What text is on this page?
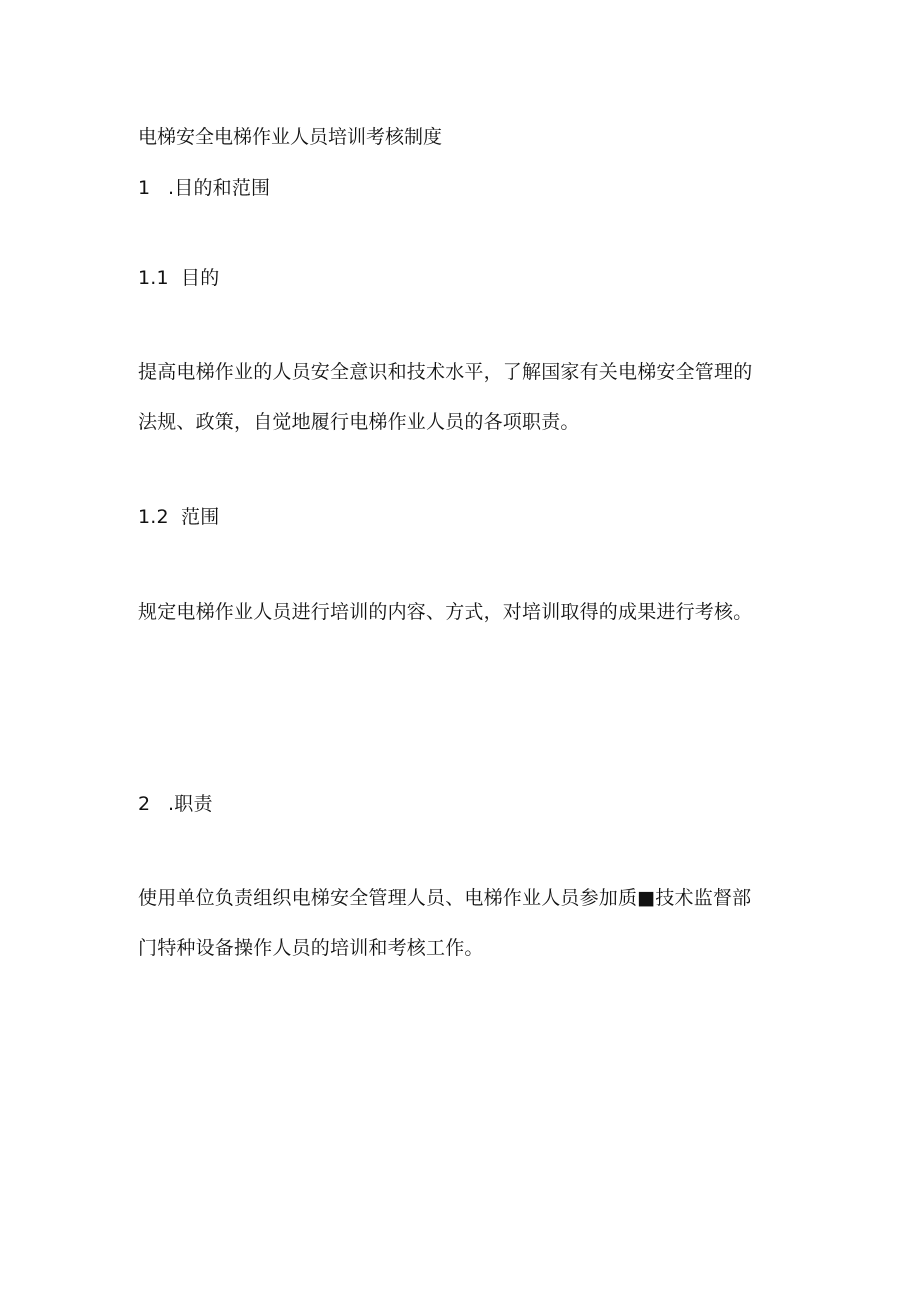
电梯安全电梯作业人员培训考核制度
1 .目的和范围
1.1 目的
提高电梯作业的人员安全意识和技术水平，了解国家有关电梯安全管理的
法规、政策，自觉地履行电梯作业人员的各项职责。
1.2 范围
规定电梯作业人员进行培训的内容、方式，对培训取得的成果进行考核。
2 .职责
使用单位负责组织电梯安全管理人员、电梯作业人员参加质■技术监督部
门特种设备操作人员的培训和考核工作。
